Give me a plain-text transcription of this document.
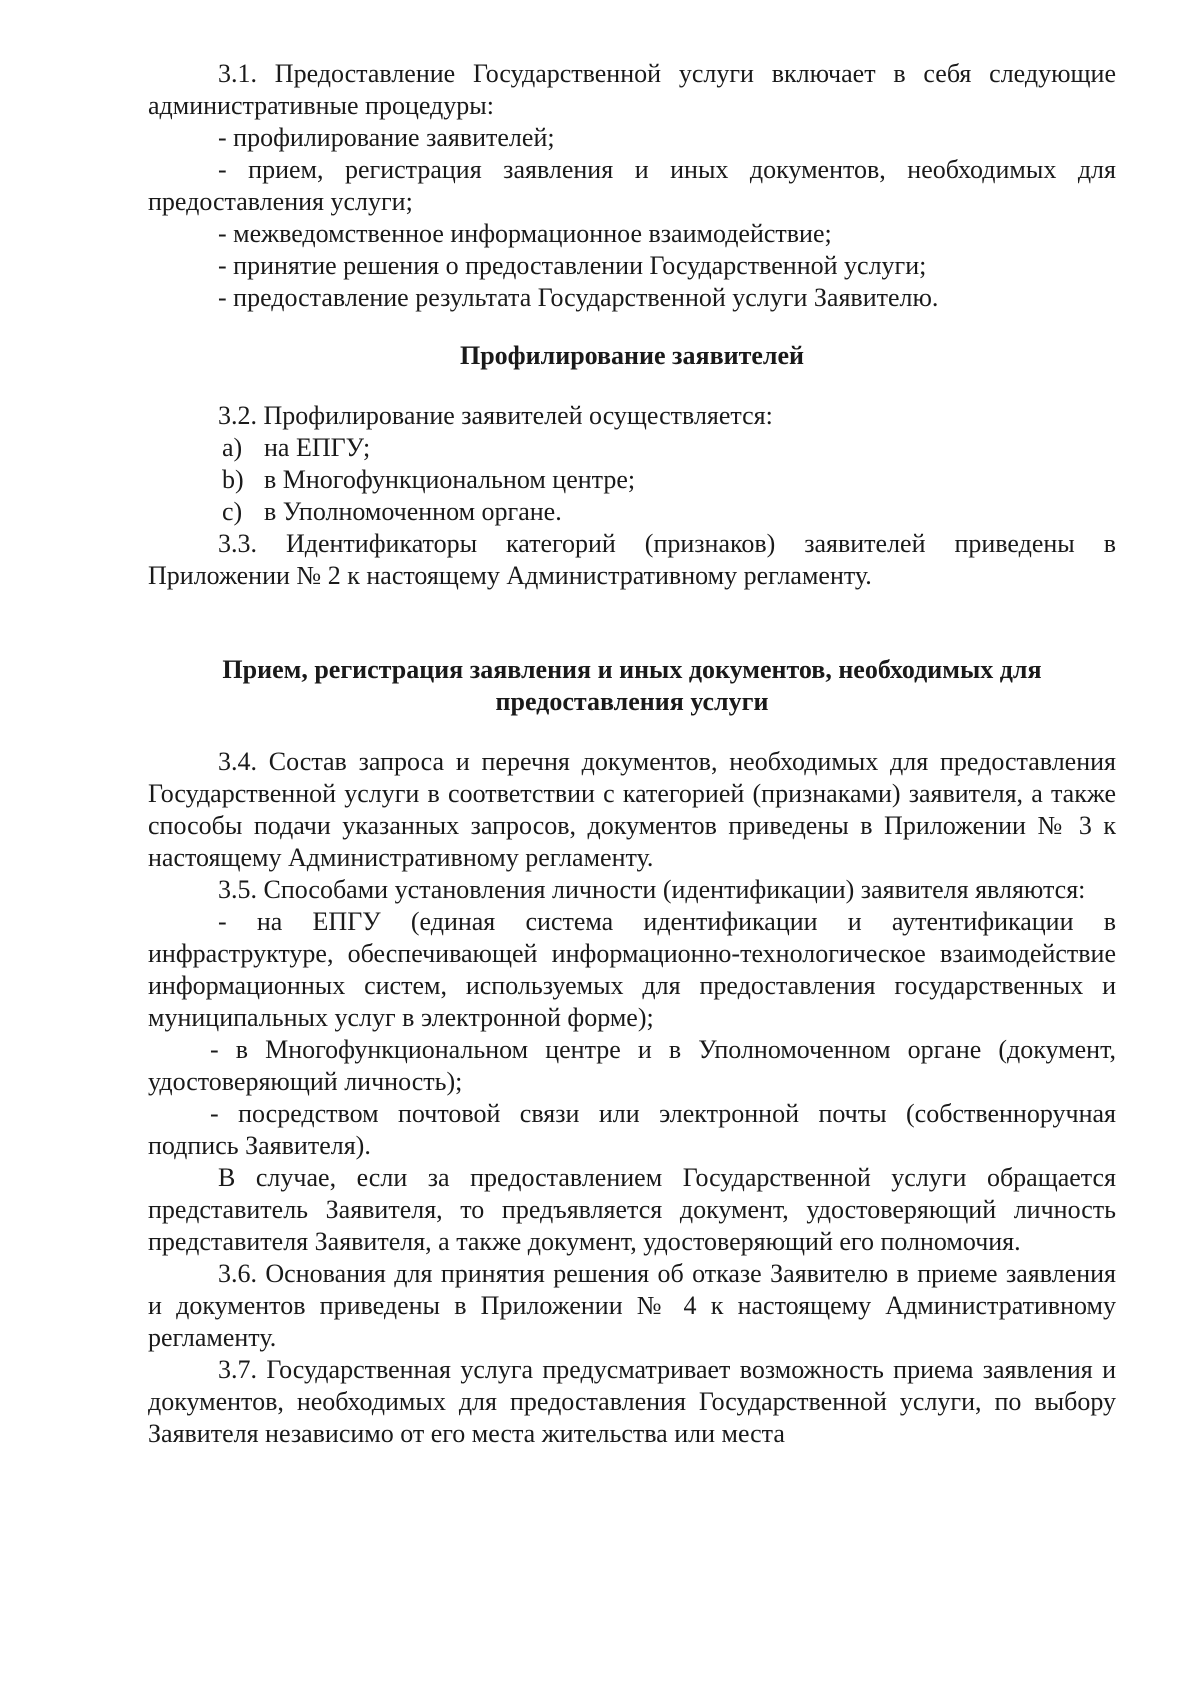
3.1. Предоставление Государственной услуги включает в себя следующие административные процедуры:

- профилирование заявителей;

- прием, регистрация заявления и иных документов, необходимых для предоставления услуги;

- межведомственное информационное взаимодействие;

- принятие решения о предоставлении Государственной услуги;

- предоставление результата Государственной услуги Заявителю.

Профилирование заявителей

3.2. Профилирование заявителей осуществляется:

a) на ЕПГУ;
b) в Многофункциональном центре;
c) в Уполномоченном органе.

3.3. Идентификаторы категорий (признаков) заявителей приведены в Приложении № 2 к настоящему Административному регламенту.

Прием, регистрация заявления и иных документов, необходимых для предоставления услуги

3.4. Состав запроса и перечня документов, необходимых для предоставления Государственной услуги в соответствии с категорией (признаками) заявителя, а также способы подачи указанных запросов, документов приведены в Приложении № 3 к настоящему Административному регламенту.

3.5. Способами установления личности (идентификации) заявителя являются:

- на ЕПГУ (единая система идентификации и аутентификации в инфраструктуре, обеспечивающей информационно-технологическое взаимодействие информационных систем, используемых для предоставления государственных и муниципальных услуг в электронной форме);

- в Многофункциональном центре и в Уполномоченном органе (документ, удостоверяющий личность);

- посредством почтовой связи или электронной почты (собственноручная подпись Заявителя).

В случае, если за предоставлением Государственной услуги обращается представитель Заявителя, то предъявляется документ, удостоверяющий личность представителя Заявителя, а также документ, удостоверяющий его полномочия.

3.6. Основания для принятия решения об отказе Заявителю в приеме заявления и документов приведены в Приложении № 4 к настоящему Административному регламенту.

3.7. Государственная услуга предусматривает возможность приема заявления и документов, необходимых для предоставления Государственной услуги, по выбору Заявителя независимо от его места жительства или места
